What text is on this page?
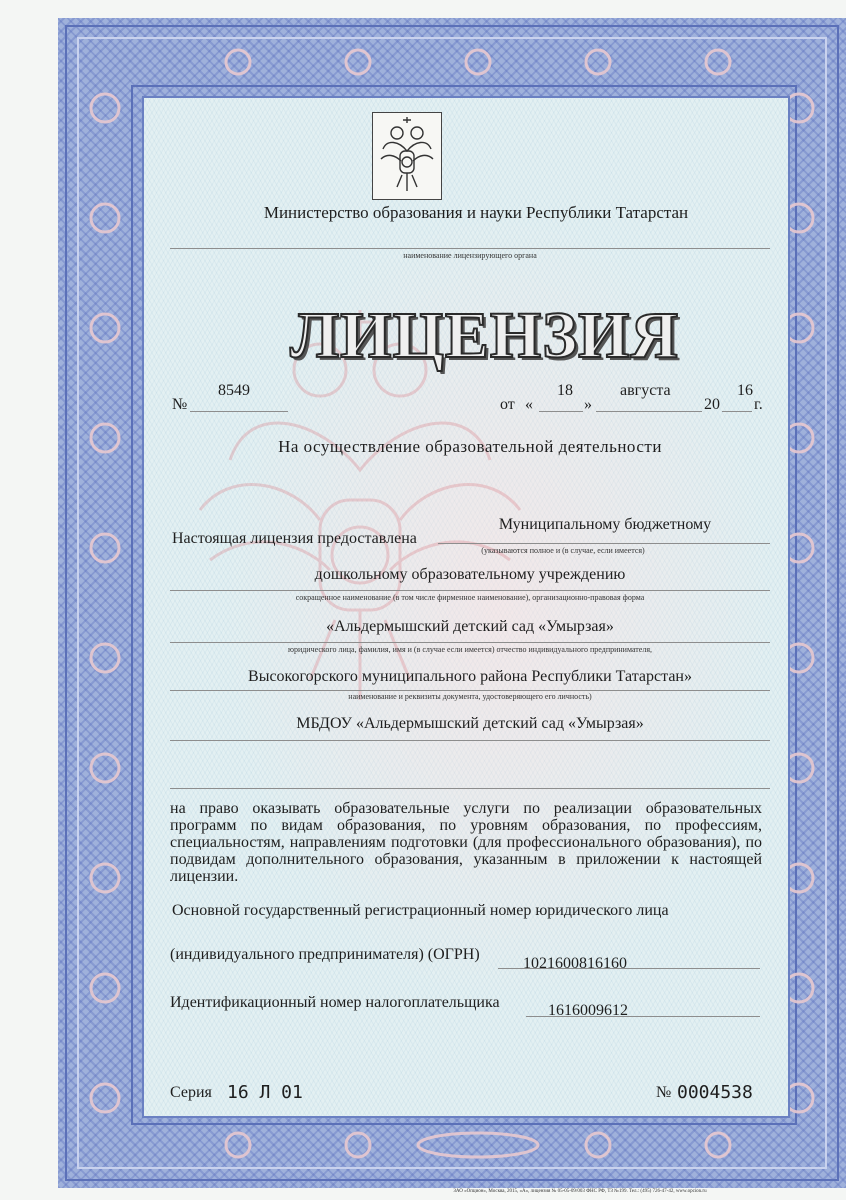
Министерство образования и науки Республики Татарстан
наименование лицензирующего органа
ЛИЦЕНЗИЯ
№
8549
от «
18
»
августа
20
16
г.
На осуществление образовательной деятельности
Настоящая лицензия предоставлена
Муниципальному бюджетному
(указываются полное и (в случае, если имеется)
дошкольному образовательному учреждению
сокращенное наименование (в том числе фирменное наименование), организационно-правовая форма
«Альдермышский детский сад «Умырзая»
юридического лица, фамилия, имя и (в случае если имеется) отчество индивидуального предпринимателя,
Высокогорского муниципального района Республики Татарстан»
наименование и реквизиты документа, удостоверяющего его личность)
МБДОУ «Альдермышский детский сад «Умырзая»
на право оказывать образовательные услуги по реализации образовательных программ по видам образования, по уровням образования, по профессиям, специальностям, направлениям подготовки (для профессионального образования), по подвидам дополнительного образования, указанным в приложении к настоящей лицензии.
Основной государственный регистрационный номер юридического лица
(индивидуального предпринимателя) (ОГРН)
1021600816160
Идентификационный номер налогоплательщика	1616009612
Серия 16 Л 01	№ 0004538
ЗАО «Опцион», Москва, 2015, «А», лицензия № 05-05-09/003 ФНС РФ, ТЗ №199. Тел.: (495) 726-47-42, www.opcion.ru
